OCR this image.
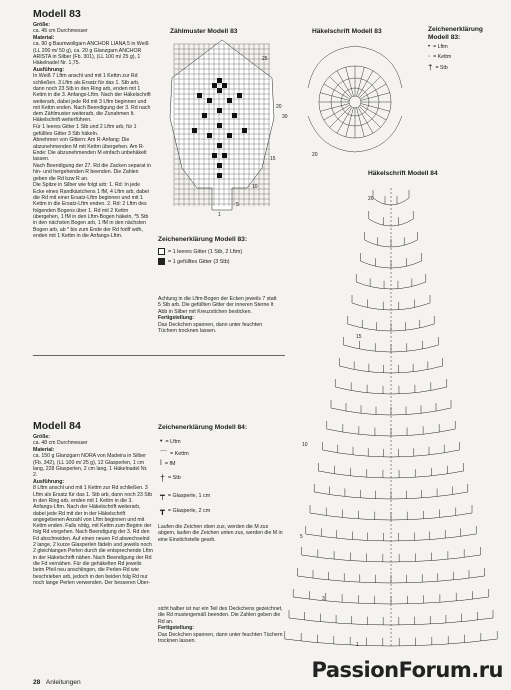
Modell 83

Größe:
ca. 45 cm Durchmesser

Material:
ca. 90 g Baumwollgarn ANCHOR LIANA 5 in Weiß (LL 200 m/ 50 g), ca. 20 g Glanzgarn ANCHOR ARISTA in Silber (Fb. 301), (LL 100 m/ 25 g), 1 Häkelnadel Nr. 1,75.

Ausführung:
In Weiß 7 Lftm anschl und mit 1 Kettm zur Rd schließen. 3 Lftm als Ersatz für das 1. Stb arb, dann noch 23 Stb in den Ring arb, enden mit 1 Kettm in die 3. Anfangs-Lftm. Nach der Häkelschrift weiterarb, dabei jede Rd mit 3 Lftm beginnen und mit Kettm enden. Nach Beendigung der 3. Rd nach dem Zählmuster weiterarb, die Zunahmen lt. Häkelschrift weiterführen.

Für 1 leeres Gitter 1 Stb und 2 Lftm arb, für 1 gefülltes Gitter 3 Stb häkeln.

Abnehmen von Gittern: Am R-Anfang: Die abzunehmenden M mit Kettm übergehen. Am R-Ende: Die abzunehmenden M einfach unbehäkelt lassen.

Nach Beendigung der 27. Rd die Zacken separat in hin- und hergehenden R beenden. Die Zahlen geben die Rd bzw R an.

Die Spitze in Silber wie folgt arb: 1. Rd: In jede Ecke eines Randkästchens 1 fM, 4 Lftm arb, dabei die Rd mit einer Ersatz-Lftm beginnen und mit 1 Kettm in die Ersatz-Lftm enden. 2. Rd: 2 Lftm des folgenden Bogens über 1. Rd mit 2 Kettm übergehen, 1 fM in den Lftm-Bogen häkeln, *5 Stb in den nächsten Bogen arb, 1 fM in den nächsten Bogen arb, ab * bis zum Ende der Rd fortlf wdh, enden mit 1 Kettm in die Anfangs-Lftm.

Zählmuster Modell 83
20
25
30
15
10
5
1
Häkelschrift Modell 83
20
Zeichenerklärung
Modell 83:
• = Lftm
◦ = Kettm
† = Stb
Häkelschrift Modell 84
20
15
10
5
3
1
Zeichenerklärung Modell 83:
= 1 leeres Gitter (1 Stb, 2 Lftm)
= 1 gefülltes Gitter (3 Stb)

Achtung in die Lftm-Bogen der Ecken jeweils 7 statt 5 Stb arb. Die gefüllten Gitter der inneren Sterne lt Abb in Silber mit Kreuzstichen besticken.

Fertigstellung:
Das Deckchen spannen, dann unter feuchten Tüchern trocknen lassen.

Modell 84

Größe:
ca. 48 cm Durchmesser

Material:
ca. 150 g Glanzgarn NORA von Madeira in Silber (Fb. 342), (LL 100 m/ 25 g), 12 Glasperlen, 1 cm lang, 228 Glasperlen, 2 cm lang, 1 Häkelnadel Nr. 2.

Ausführung:
8 Lftm anschl und mit 1 Kettm zur Rd schließen. 3 Lftm als Ersatz für das 1. Stb arb, dann noch 23 Stb in den Ring arb, enden mit 1 Kettm in die 3. Anfangs-Lftm. Nach der Häkelschrift weiterarb, dabei jede Rd mit der in der Häkelschrift angegebenen Anzahl von Lftm beginnen und mit Kettm enden. Falls nötig, mit Kettm zum Beginn der folg Rd vorgehen. Nach Beendigung der 3. Rd den Fd abschneiden. Auf einen neuen Fd abwechselnd 2 lange, 2 kurze Glasperlen fädeln und jeweils noch 2 gleichlangen Perlen durch die entsprechende Lftm in der Häkelschrift nähen. Nach Beendigung der Rd die Fd vernähen. Für die gehäkelten Rd jeweils beim Pfeil neu anschlingen, die Perlen-Rd wie beschrieben arb, jedoch in den beiden folg Rd nur noch lange Perlen verwenden. Der besseren Über-

Zeichenerklärung Modell 84:
• = Lftm
⌒ = Kettm
ǀ = fM
† = Stb
┯ = Glasperle, 1 cm
┳ = Glasperle, 2 cm
Laufen die Zeichen oben zus, werden die M zus abgem, laufen die Zeichen unten zus, werden die M in eine Einstichstelle gearb.

sicht halber ist nur ein Teil des Deckchens gezeichnet, die Rd mustergemäß beenden. Die Zahlen geben die Rd an.

Fertigstellung:
Das Deckchen spannen, dann unter feuchten Tüchern trocknen lassen.

28 Anleitungen
PassionForum.ru
